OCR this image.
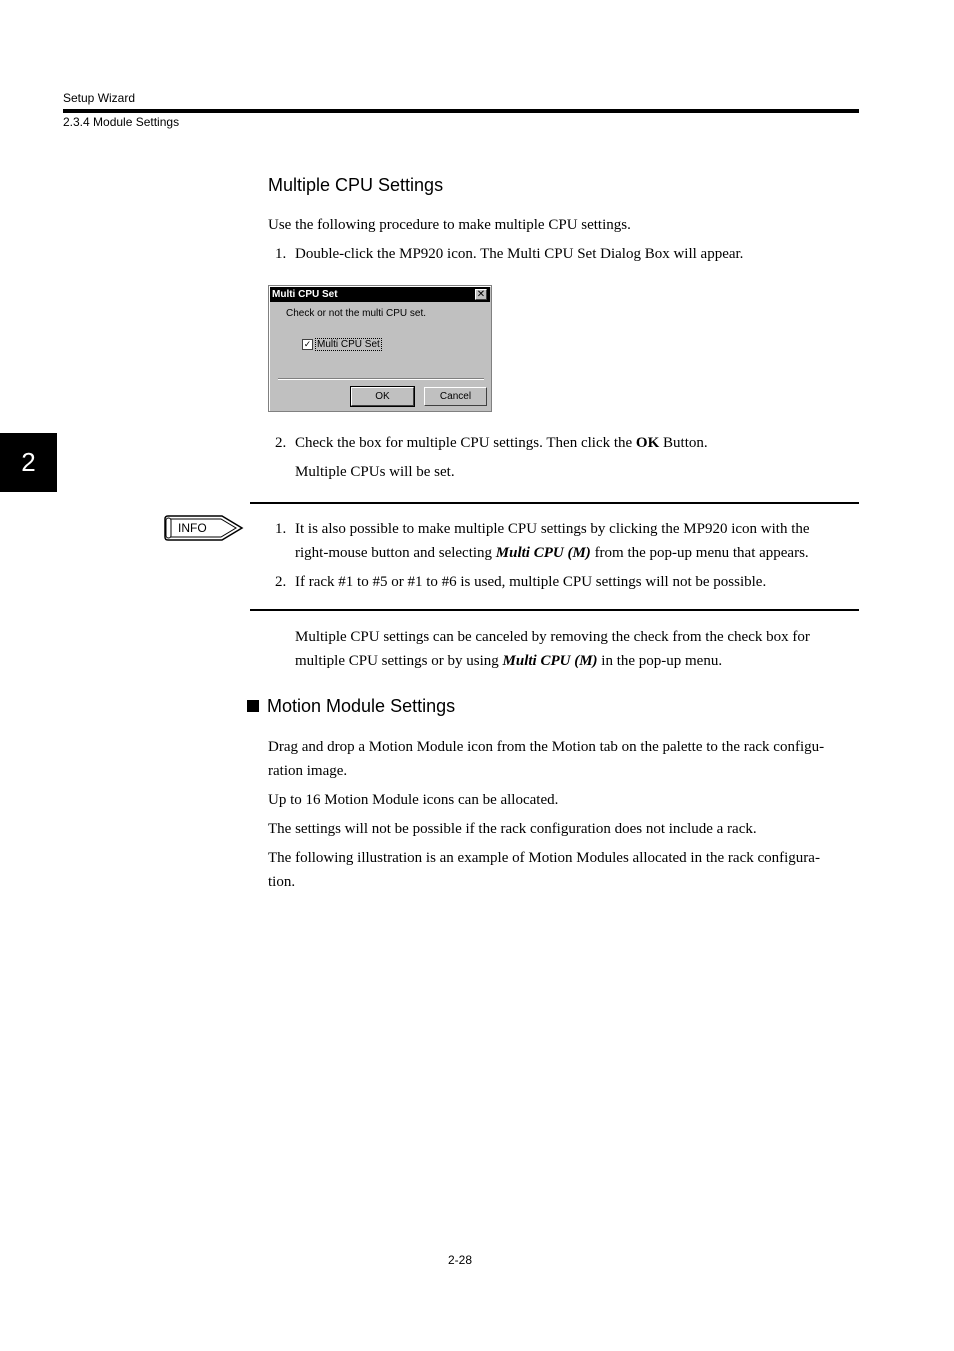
Setup Wizard
2.3.4 Module Settings
2
Multiple CPU Settings
Use the following procedure to make multiple CPU settings.
1. Double-click the MP920 icon. The Multi CPU Set Dialog Box will appear.
Multi CPU Set	✕
Check or not the multi CPU set.
✓ Multi CPU Set
OK	Cancel
2. Check the box for multiple CPU settings. Then click the OK Button.
Multiple CPUs will be set.
INFO	1. It is also possible to make multiple CPU settings by clicking the MP920 icon with the
right-mouse button and selecting Multi CPU (M) from the pop-up menu that appears.
2. If rack #1 to #5 or #1 to #6 is used, multiple CPU settings will not be possible.
Multiple CPU settings can be canceled by removing the check from the check box for
multiple CPU settings or by using Multi CPU (M) in the pop-up menu.
Motion Module Settings
Drag and drop a Motion Module icon from the Motion tab on the palette to the rack configu-
ration image.
Up to 16 Motion Module icons can be allocated.
The settings will not be possible if the rack configuration does not include a rack.
The following illustration is an example of Motion Modules allocated in the rack configura-
tion.
2-28
